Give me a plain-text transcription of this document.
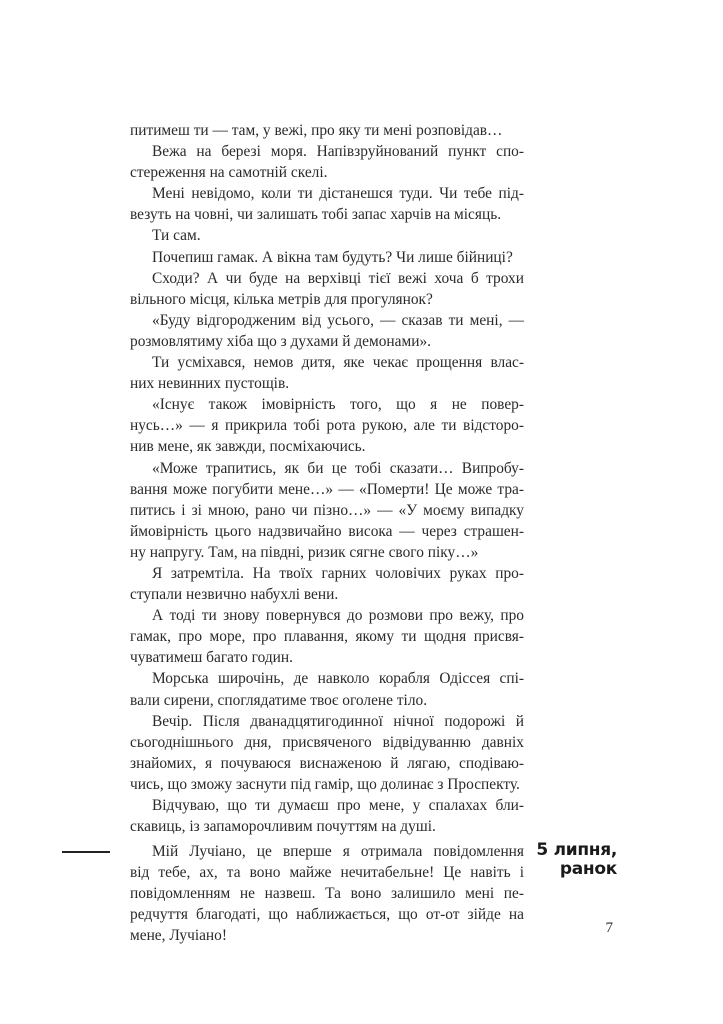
питимеш ти — там, у вежі, про яку ти мені розповідав…
Вежа на березі моря. Напівзруйнований пункт спо-
стереження на самотній скелі.
Мені невідомо, коли ти дістанешся туди. Чи тебе під-
везуть на човні, чи залишать тобі запас харчів на місяць.
Ти сам.
Почепиш гамак. А вікна там будуть? Чи лише бійниці?
Сходи? А чи буде на верхівці тієї вежі хоча б трохи
вільного місця, кілька метрів для прогулянок?
«Буду відгородженим від усього, — сказав ти мені, —
розмовлятиму хіба що з духами й демонами».
Ти усміхався, немов дитя, яке чекає прощення влас-
них невинних пустощів.
«Існує також імовірність того, що я не повер-
нусь…» — я прикрила тобі рота рукою, але ти відсторо-
нив мене, як завжди, посміхаючись.
«Може трапитись, як би це тобі сказати… Випробу-
вання може погубити мене…» — «Померти! Це може тра-
питись і зі мною, рано чи пізно…» — «У моєму випадку
ймовірність цього надзвичайно висока — через страшен-
ну напругу. Там, на півдні, ризик сягне свого піку…»
Я затремтіла. На твоїх гарних чоловічих руках про-
ступали незвично набухлі вени.
А тоді ти знову повернувся до розмови про вежу, про
гамак, про море, про плавання, якому ти щодня присвя-
чуватимеш багато годин.
Морська широчінь, де навколо корабля Одіссея спі-
вали сирени, споглядатиме твоє оголене тіло.
Вечір. Після дванадцятигодинної нічної подорожі й
сьогоднішнього дня, присвяченого відвідуванню давніх
знайомих, я почуваюся виснаженою й лягаю, сподіваю-
чись, що зможу заснути під гамір, що долинає з Проспекту.
Відчуваю, що ти думаєш про мене, у спалахах бли-
скавиць, із запаморочливим почуттям на душі.
Мій Лучіано, це вперше я отримала повідомлення
від тебе, ах, та воно майже нечитабельне! Це навіть і
повідомленням не назвеш. Та воно залишило мені пе-
редчуття благодаті, що наближається, що от-от зійде на
мене, Лучіано!
5 липня,
ранок
7
